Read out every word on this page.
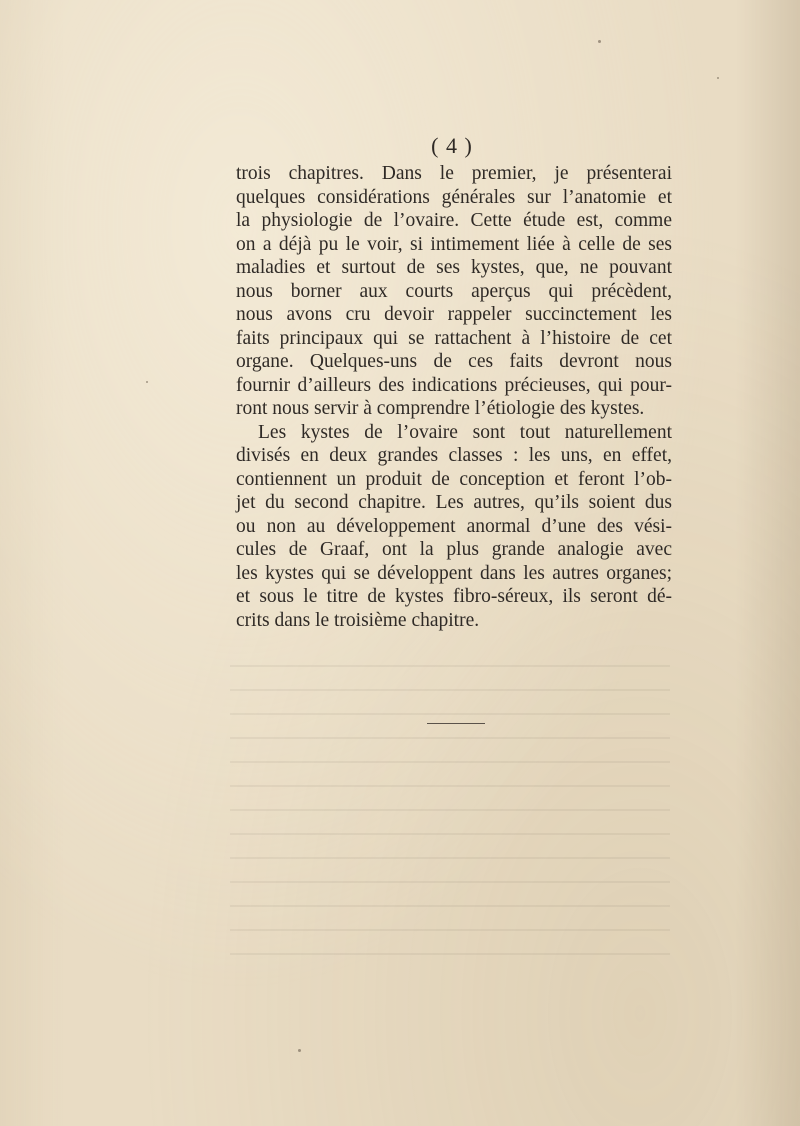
( 4 )
trois chapitres. Dans le premier, je présenterai
quelques considérations générales sur l’anatomie et
la physiologie de l’ovaire. Cette étude est, comme
on a déjà pu le voir, si intimement liée à celle de ses
maladies et surtout de ses kystes, que, ne pouvant
nous borner aux courts aperçus qui précèdent,
nous avons cru devoir rappeler succinctement les
faits principaux qui se rattachent à l’histoire de cet
organe. Quelques-uns de ces faits devront nous
fournir d’ailleurs des indications précieuses, qui pour-
ront nous servir à comprendre l’étiologie des kystes.
Les kystes de l’ovaire sont tout naturellement
divisés en deux grandes classes : les uns, en effet,
contiennent un produit de conception et feront l’ob-
jet du second chapitre. Les autres, qu’ils soient dus
ou non au développement anormal d’une des vési-
cules de Graaf, ont la plus grande analogie avec
les kystes qui se développent dans les autres organes;
et sous le titre de kystes fibro-séreux, ils seront dé-
crits dans le troisième chapitre.
